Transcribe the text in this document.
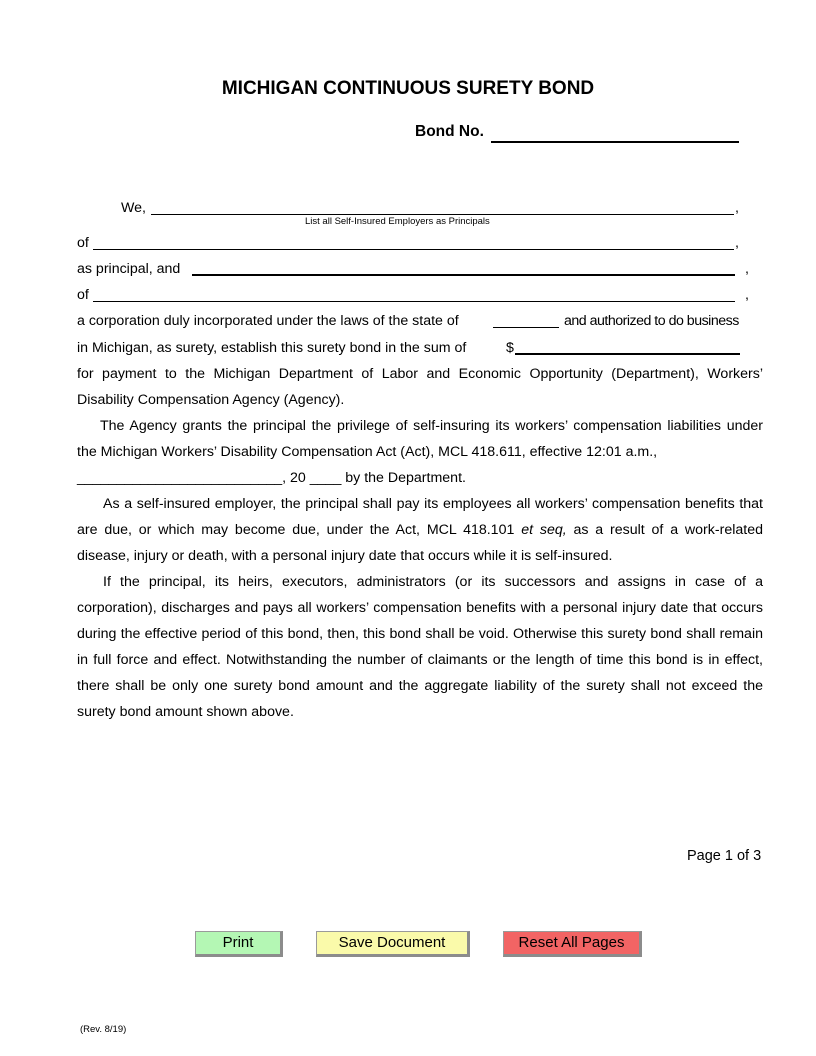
MICHIGAN CONTINUOUS SURETY BOND
Bond No.
We,	,
List all Self-Insured Employers as Principals
of	,
as principal, and	,
of	,
a corporation duly incorporated under the laws of the state of	and authorized to do business
in Michigan, as surety, establish this surety bond in the sum of	$

for payment to the Michigan Department of Labor and Economic Opportunity (Department), Workers’ Disability Compensation Agency (Agency).

The Agency grants the principal the privilege of self-insuring its workers’ compensation liabilities under the Michigan Workers’ Disability Compensation Act (Act), MCL 418.611, effective 12:01 a.m.,

__________________________, 20 ____ by the Department.

As a self-insured employer, the principal shall pay its employees all workers’ compensation benefits that are due, or which may become due, under the Act, MCL 418.101 et seq, as a result of a work-related disease, injury or death, with a personal injury date that occurs while it is self-insured.

If the principal, its heirs, executors, administrators (or its successors and assigns in case of a corporation), discharges and pays all workers’ compensation benefits with a personal injury date that occurs during the effective period of this bond, then, this bond shall be void. Otherwise this surety bond shall remain in full force and effect. Notwithstanding the number of claimants or the length of time this bond is in effect, there shall be only one surety bond amount and the aggregate liability of the surety shall not exceed the surety bond amount shown above.

Page 1 of 3
Print	Save Document	Reset All Pages
(Rev. 8/19)
